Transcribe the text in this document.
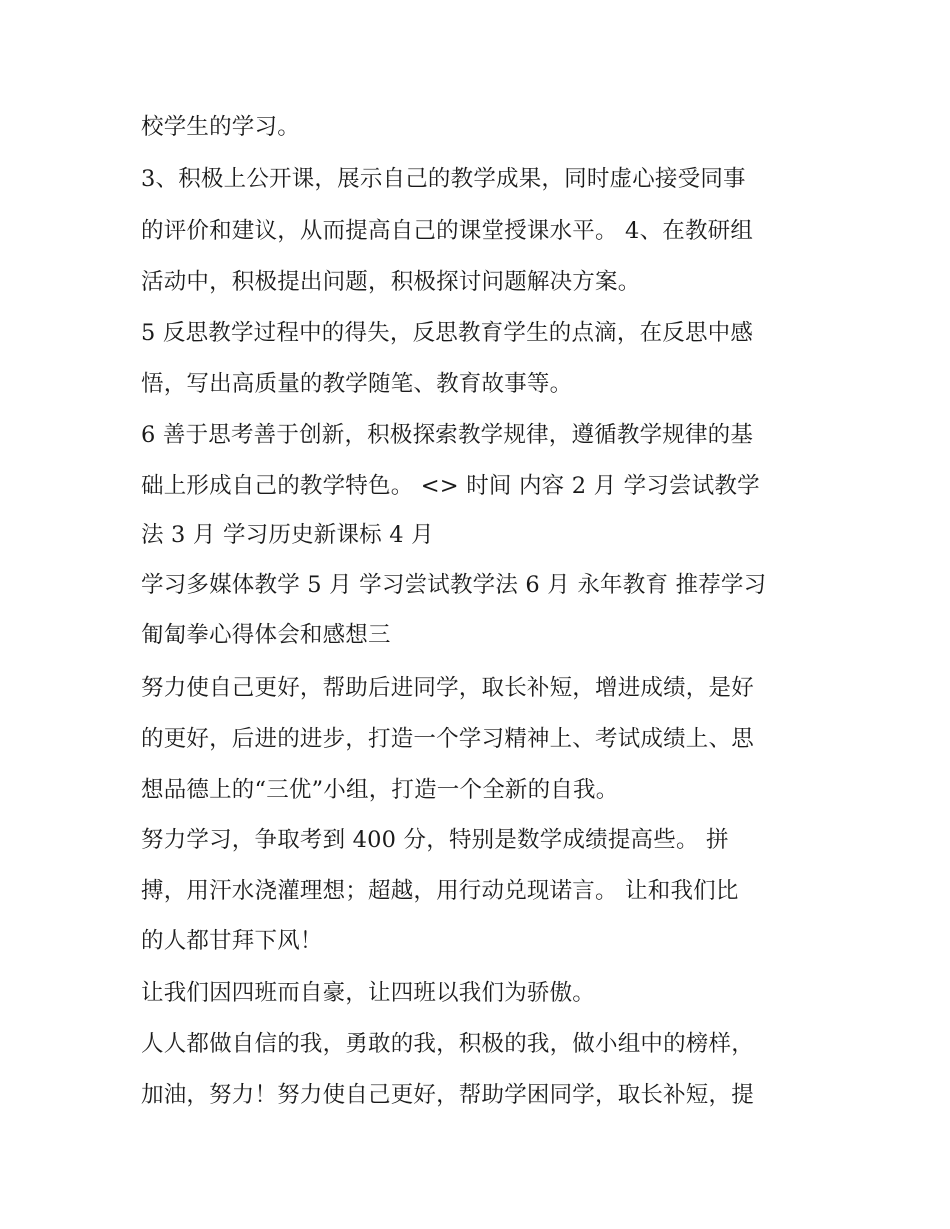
校学生的学习。
3、积极上公开课，展示自己的教学成果，同时虚心接受同事
的评价和建议，从而提高自己的课堂授课水平。 4、在教研组
活动中，积极提出问题，积极探讨问题解决方案。
5 反思教学过程中的得失，反思教育学生的点滴，在反思中感
悟，写出高质量的教学随笔、教育故事等。
6 善于思考善于创新，积极探索教学规律，遵循教学规律的基
础上形成自己的教学特色。 <> 时间 内容 2 月 学习尝试教学
法 3 月 学习历史新课标 4 月
学习多媒体教学 5 月 学习尝试教学法 6 月 永年教育 推荐学习
匍匐拳心得体会和感想三
努力使自己更好，帮助后进同学，取长补短，增进成绩，是好
的更好，后进的进步，打造一个学习精神上、考试成绩上、思
想品德上的“三优”小组，打造一个全新的自我。
努力学习，争取考到 400 分，特别是数学成绩提高些。 拼
搏，用汗水浇灌理想；超越，用行动兑现诺言。 让和我们比
的人都甘拜下风！
让我们因四班而自豪，让四班以我们为骄傲。
人人都做自信的我，勇敢的我，积极的我，做小组中的榜样，
加油，努力！努力使自己更好，帮助学困同学，取长补短，提
